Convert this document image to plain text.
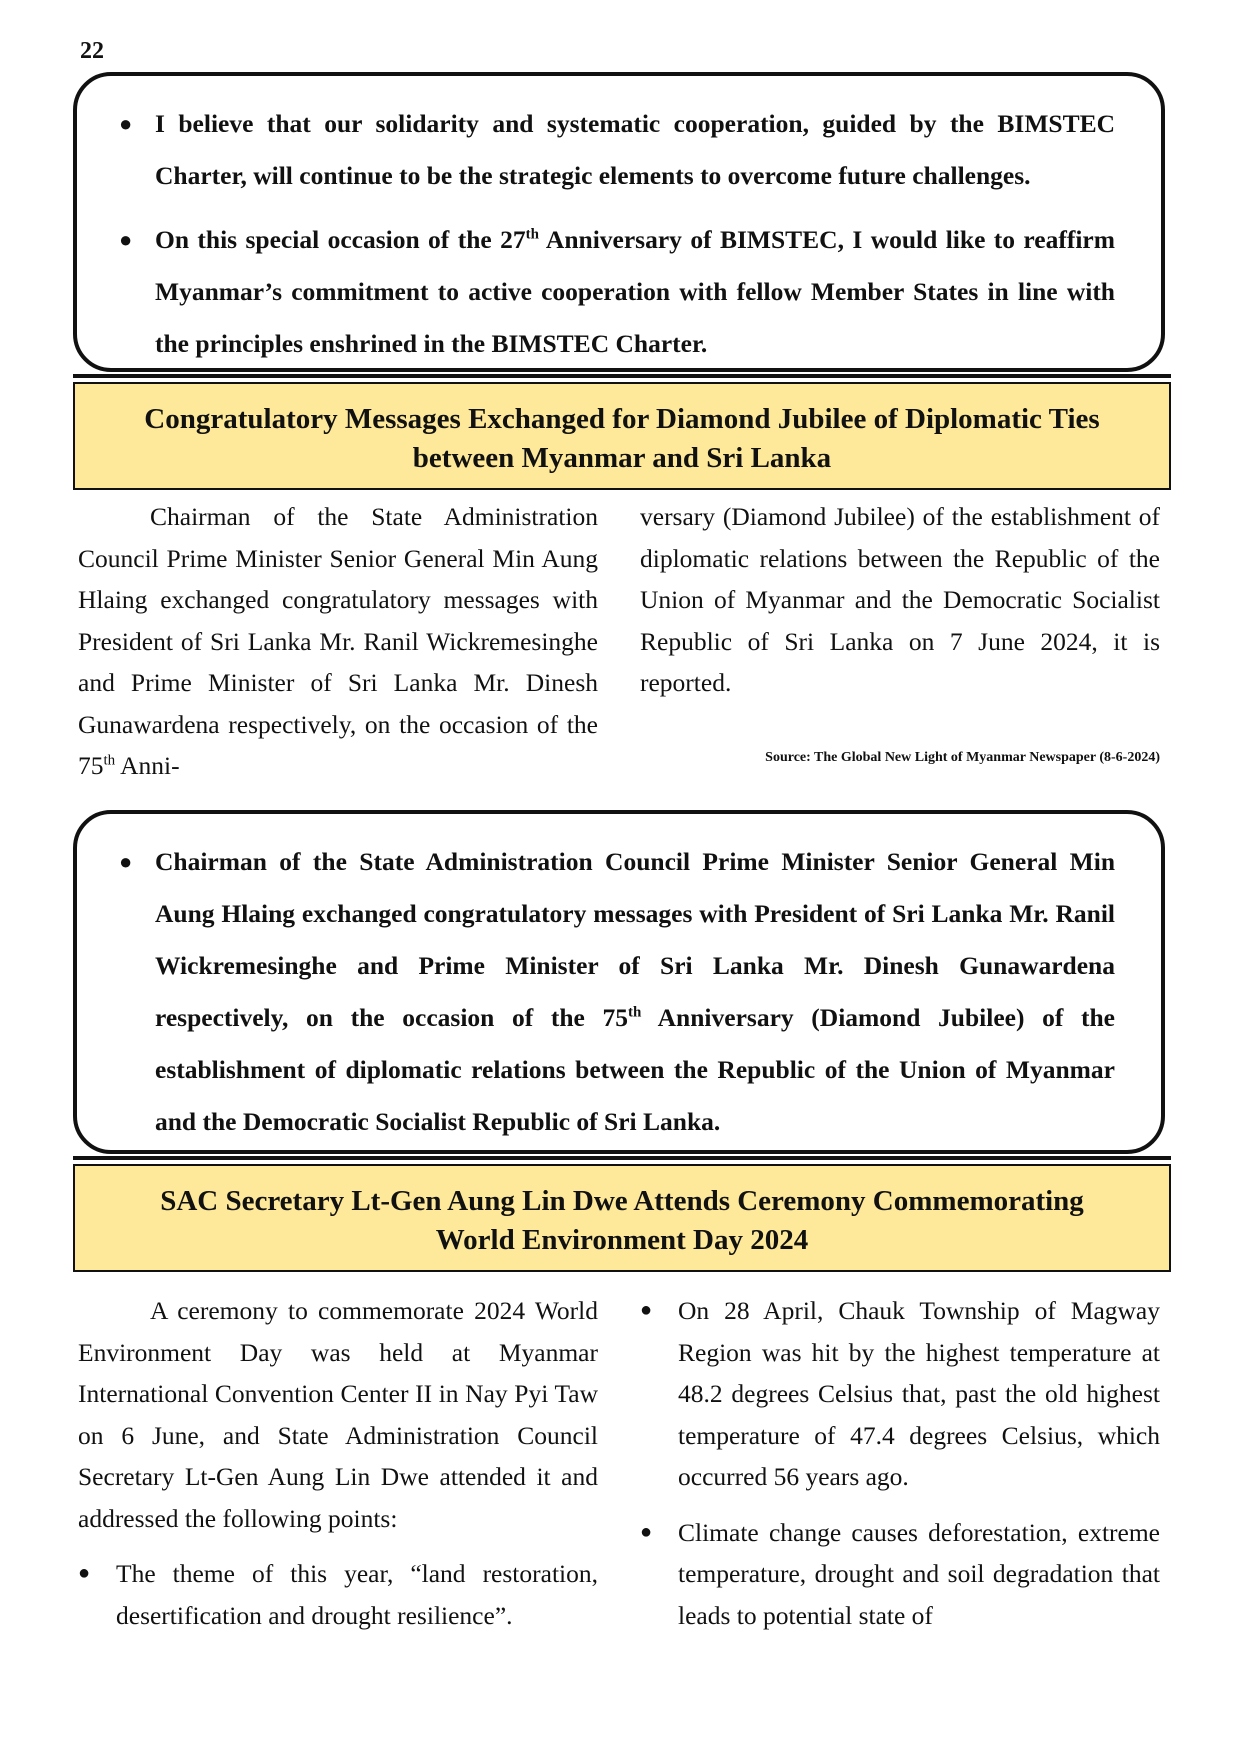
22
● I believe that our solidarity and systematic cooperation, guided by the BIMSTEC Charter, will continue to be the strategic elements to overcome future challenges.
● On this special occasion of the 27th Anniversary of BIMSTEC, I would like to reaffirm Myanmar’s commitment to active cooperation with fellow Member States in line with the principles enshrined in the BIMSTEC Charter.
Congratulatory Messages Exchanged for Diamond Jubilee of Diplomatic Ties between Myanmar and Sri Lanka

Chairman of the State Administration Council Prime Minister Senior General Min Aung Hlaing exchanged congratulatory messages with President of Sri Lanka Mr. Ranil Wickremesinghe and Prime Minister of Sri Lanka Mr. Dinesh Gunawardena respectively, on the occasion of the 75th Anni-

versary (Diamond Jubilee) of the establishment of diplomatic relations between the Republic of the Union of Myanmar and the Democratic Socialist Republic of Sri Lanka on 7 June 2024, it is reported.

Source: The Global New Light of Myanmar Newspaper (8-6-2024)
● Chairman of the State Administration Council Prime Minister Senior General Min Aung Hlaing exchanged congratulatory messages with President of Sri Lanka Mr. Ranil Wickremesinghe and Prime Minister of Sri Lanka Mr. Dinesh Gunawardena respectively, on the occasion of the 75th Anniversary (Diamond Jubilee) of the establishment of diplomatic relations between the Republic of the Union of Myanmar and the Democratic Socialist Republic of Sri Lanka.
SAC Secretary Lt-Gen Aung Lin Dwe Attends Ceremony Commemorating World Environment Day 2024

A ceremony to commemorate 2024 World Environment Day was held at Myanmar International Convention Center II in Nay Pyi Taw on 6 June, and State Administration Council Secretary Lt-Gen Aung Lin Dwe attended it and addressed the following points:

● The theme of this year, “land restoration, desertification and drought resilience”.
● On 28 April, Chauk Township of Magway Region was hit by the highest temperature at 48.2 degrees Celsius that, past the old highest temperature of 47.4 degrees Celsius, which occurred 56 years ago.
● Climate change causes deforestation, extreme temperature, drought and soil degradation that leads to potential state of
